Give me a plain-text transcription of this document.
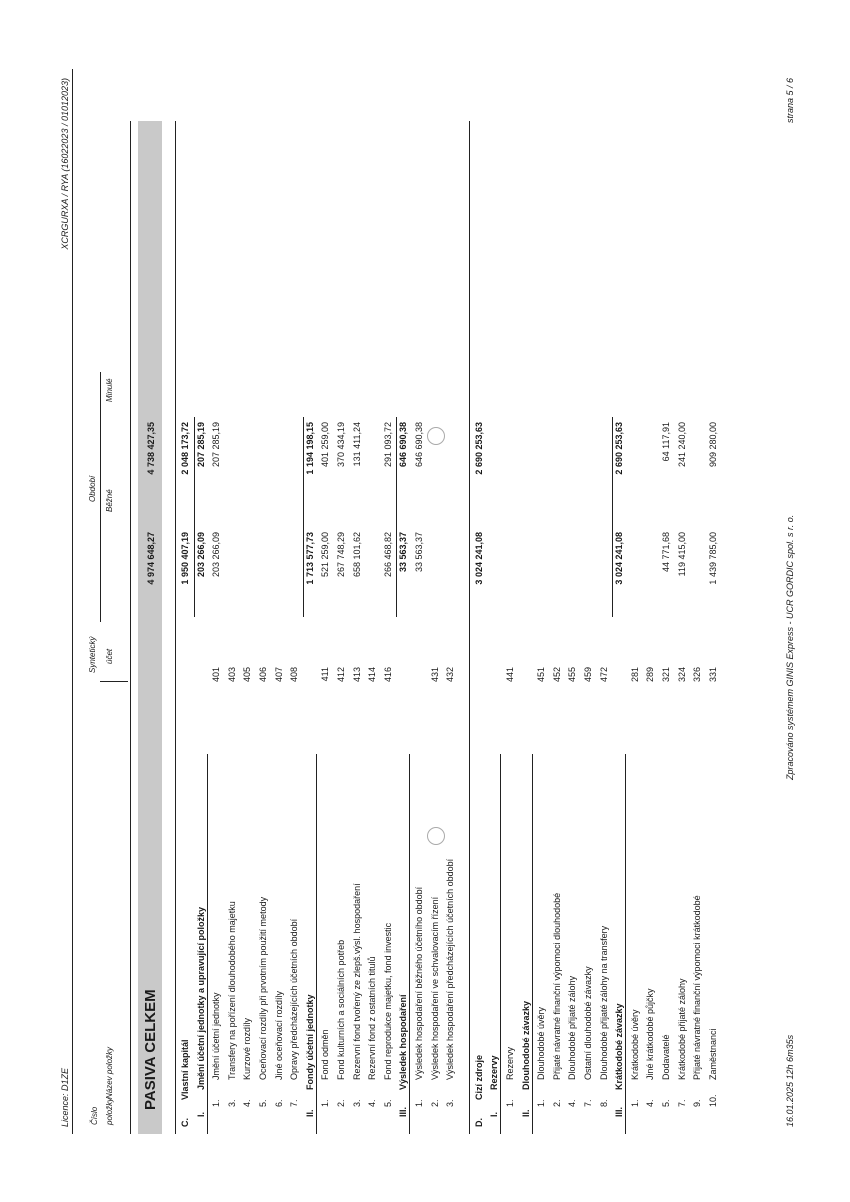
Licence: D1ZE
XCRGURXA / RYA (16022023 / 01012023)
Číslo položky
Název položky
Syntetický účet
Období Běžné
Minulé
PASIVA CELKEM
4 974 648,27
4 738 427,35
C.
Vlastní kapitál
1 950 407,19
2 048 173,72
I.
Jmění účetní jednotky a upravující položky
203 266,09
207 285,19
1.
Jmění účetní jednotky
401
203 266,09
207 285,19
3.
Transfery na pořízení dlouhodobého majetku
403
4.
Kurzové rozdíly
405
5.
Oceňovací rozdíly při prvotním použití metody
406
6.
Jiné oceňovací rozdíly
407
7.
Opravy předcházejících účetních období
408
II.
Fondy účetní jednotky
1 713 577,73
1 194 198,15
1.
Fond odměn
411
521 259,00
401 259,00
2.
Fond kulturních a sociálních potřeb
412
267 748,29
370 434,19
3.
Rezervní fond tvořený ze zlepš.výsl. hospodaření
413
658 101,62
131 411,24
4.
Rezervní fond z ostatních titulů
414
5.
Fond reprodukce majetku, fond investic
416
266 468,82
291 093,72
III.
Výsledek hospodaření
33 563,37
646 690,38
1.
Výsledek hospodaření běžného účetního období
33 563,37
646 690,38
2.
Výsledek hospodaření ve schvalovacím řízení
431
3.
Výsledek hospodaření předcházejících účetních období
432
D.
Cizí zdroje
3 024 241,08
2 690 253,63
I.
Rezervy
1.
Rezervy
441
II.
Dlouhodobé závazky
1.
Dlouhodobé úvěry
451
2.
Přijaté návratné finanční výpomoci dlouhodobé
452
4.
Dlouhodobé přijaté zálohy
455
7.
Ostatní dlouhodobé závazky
459
8.
Dlouhodobé přijaté zálohy na transfery
472
III.
Krátkodobé závazky
3 024 241,08
2 690 253,63
1.
Krátkodobé úvěry
281
4.
Jiné krátkodobé půjčky
289
5.
Dodavatelé
321
44 771,68
64 117,91
7.
Krátkodobé přijaté zálohy
324
119 415,00
241 240,00
9.
Přijaté návratné finanční výpomoci krátkodobé
326
10.
Zaměstnanci
331
1 439 785,00
909 280,00
16.01.2025 12h 6m35s
Zpracováno systémem GINIS Express - UCR GORDIC spol. s r. o.
strana 5 / 6
